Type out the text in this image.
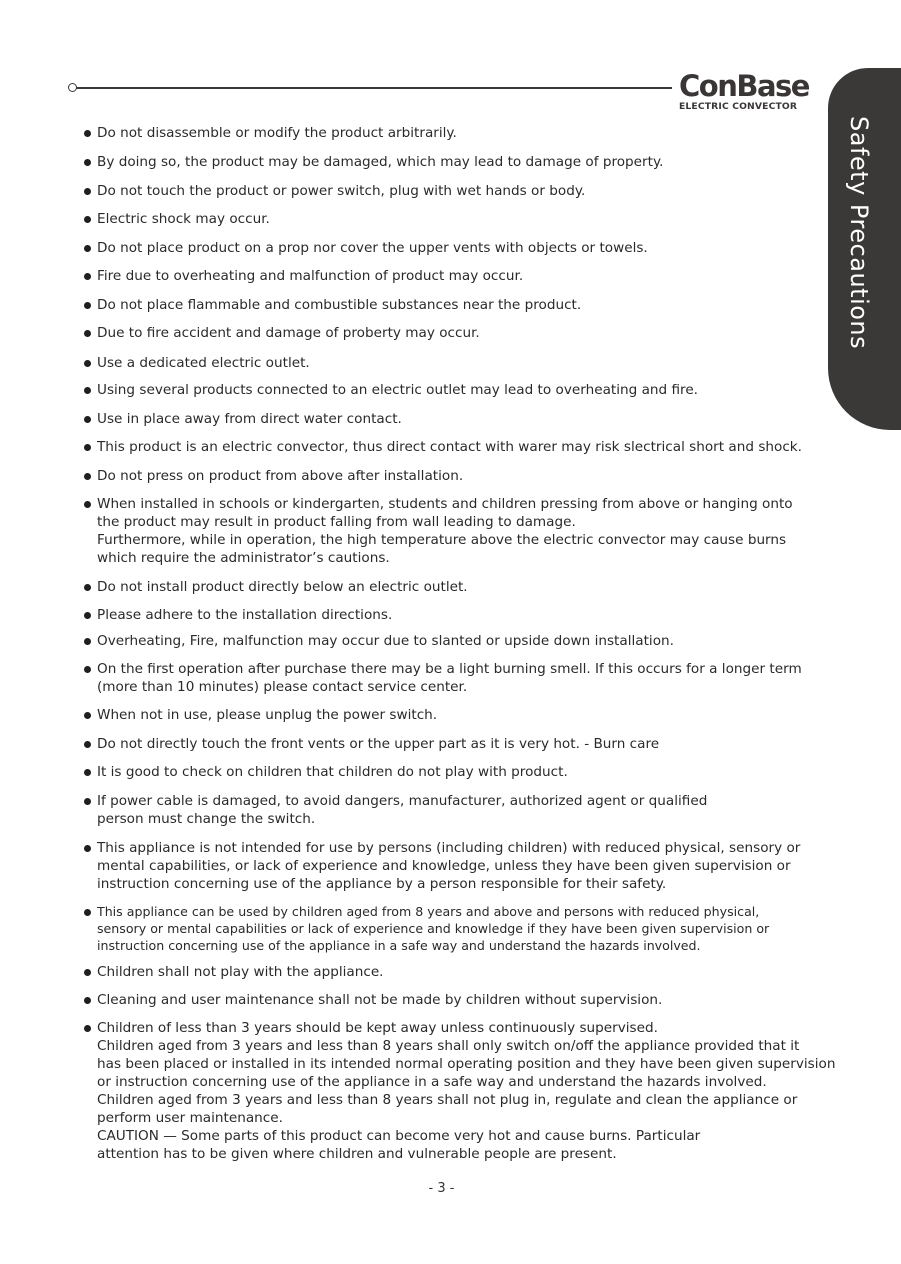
ConBase
ELECTRIC CONVECTOR
Safety Precautions
Do not disassemble or modify the product arbitrarily.
By doing so, the product may be damaged, which may lead to damage of property.
Do not touch the product or power switch, plug with wet hands or body.
Electric shock may occur.
Do not place product on a prop nor cover the upper vents with objects or towels.
Fire due to overheating and malfunction of product may occur.
Do not place flammable and combustible substances near the product.
Due to fire accident and damage of proberty may occur.
Use a dedicated electric outlet.
Using several products connected to an electric outlet may lead to overheating and fire.
Use in place away from direct water contact.
This product is an electric convector, thus direct contact with warer may risk slectrical short and shock.
Do not press on product from above after installation.
When installed in schools or kindergarten, students and children pressing from above or hanging onto
the product may result in product falling from wall leading to damage.
Furthermore, while in operation, the high temperature above the electric convector may cause burns
which require the administrator’s cautions.
Do not install product directly below an electric outlet.
Please adhere to the installation directions.
Overheating, Fire, malfunction may occur due to slanted or upside down installation.
On the first operation after purchase there may be a light burning smell. If this occurs for a longer term
(more than 10 minutes) please contact service center.
When not in use, please unplug the power switch.
Do not directly touch the front vents or the upper part as it is very hot. - Burn care
It is good to check on children that children do not play with product.
If power cable is damaged, to avoid dangers, manufacturer, authorized agent or qualified
person must change the switch.
This appliance is not intended for use by persons (including children) with reduced physical, sensory or
mental capabilities, or lack of experience and knowledge, unless they have been given supervision or
instruction concerning use of the appliance by a person responsible for their safety.
This appliance can be used by children aged from 8 years and above and persons with reduced physical,
sensory or mental capabilities or lack of experience and knowledge if they have been given supervision or
instruction concerning use of the appliance in a safe way and understand the hazards involved.
Children shall not play with the appliance.
Cleaning and user maintenance shall not be made by children without supervision.
Children of less than 3 years should be kept away unless continuously supervised.
Children aged from 3 years and less than 8 years shall only switch on/off the appliance provided that it
has been placed or installed in its intended normal operating position and they have been given supervision
or instruction concerning use of the appliance in a safe way and understand the hazards involved.
Children aged from 3 years and less than 8 years shall not plug in, regulate and clean the appliance or
perform user maintenance.
CAUTION — Some parts of this product can become very hot and cause burns. Particular
attention has to be given where children and vulnerable people are present.
- 3 -
